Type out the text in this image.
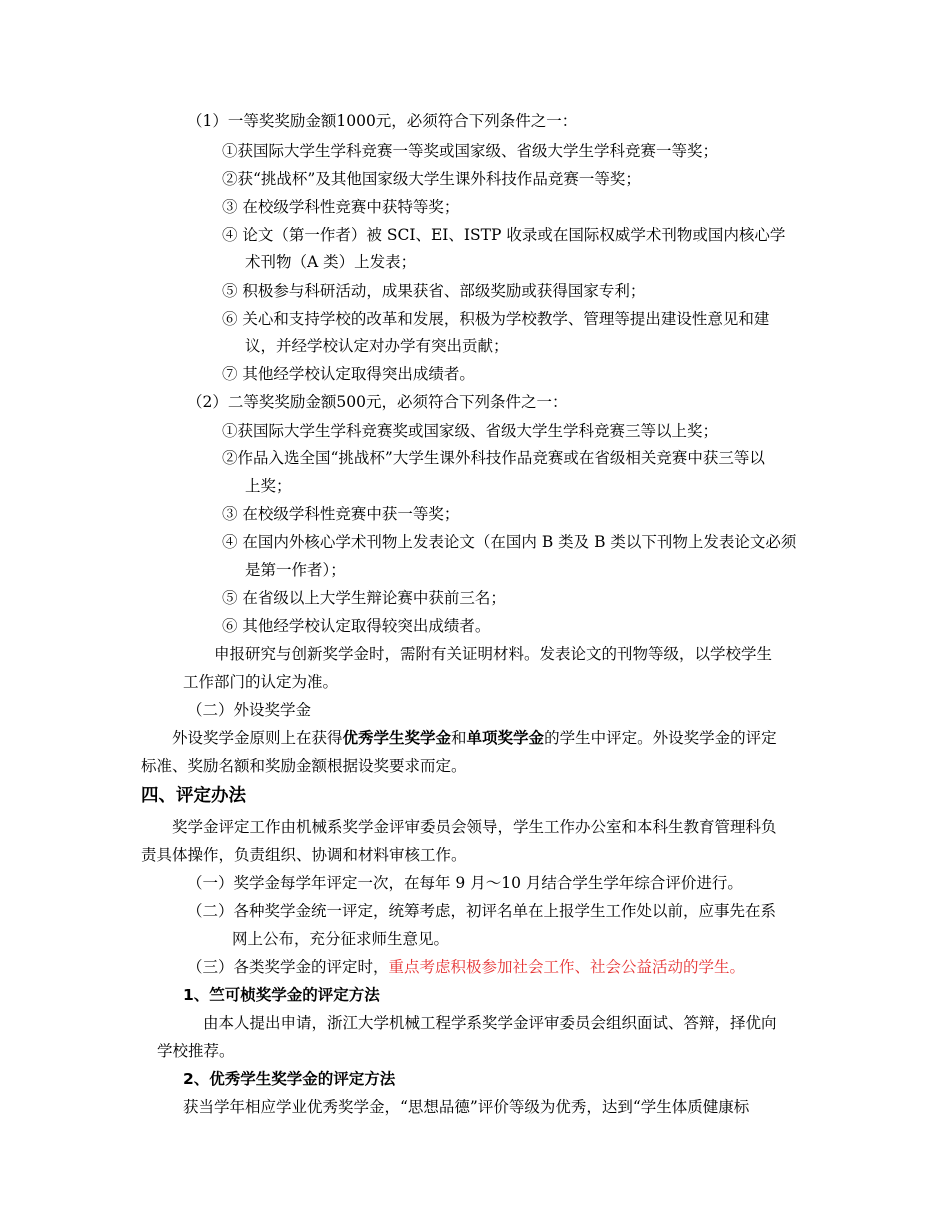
（1）一等奖奖励金额1000元，必须符合下列条件之一：
①获国际大学生学科竞赛一等奖或国家级、省级大学生学科竞赛一等奖；
②获“挑战杯”及其他国家级大学生课外科技作品竞赛一等奖；
③ 在校级学科性竞赛中获特等奖；
④ 论文（第一作者）被 SCI、EI、ISTP 收录或在国际权威学术刊物或国内核心学
术刊物（A 类）上发表；
⑤ 积极参与科研活动，成果获省、部级奖励或获得国家专利；
⑥ 关心和支持学校的改革和发展，积极为学校教学、管理等提出建设性意见和建
议，并经学校认定对办学有突出贡献；
⑦ 其他经学校认定取得突出成绩者。
（2）二等奖奖励金额500元，必须符合下列条件之一：
①获国际大学生学科竞赛奖或国家级、省级大学生学科竞赛三等以上奖；
②作品入选全国“挑战杯”大学生课外科技作品竞赛或在省级相关竞赛中获三等以
上奖；
③ 在校级学科性竞赛中获一等奖；
④ 在国内外核心学术刊物上发表论文（在国内 B 类及 B 类以下刊物上发表论文必须
是第一作者）；
⑤ 在省级以上大学生辩论赛中获前三名；
⑥ 其他经学校认定取得较突出成绩者。
申报研究与创新奖学金时，需附有关证明材料。发表论文的刊物等级，以学校学生
工作部门的认定为准。
（二）外设奖学金
外设奖学金原则上在获得优秀学生奖学金和单项奖学金的学生中评定。外设奖学金的评定
标准、奖励名额和奖励金额根据设奖要求而定。
四、评定办法
奖学金评定工作由机械系奖学金评审委员会领导，学生工作办公室和本科生教育管理科负
责具体操作，负责组织、协调和材料审核工作。
（一）奖学金每学年评定一次，在每年 9 月～10 月结合学生学年综合评价进行。
（二）各种奖学金统一评定，统筹考虑，初评名单在上报学生工作处以前，应事先在系
网上公布，充分征求师生意见。
（三）各类奖学金的评定时，重点考虑积极参加社会工作、社会公益活动的学生。
1、竺可桢奖学金的评定方法
由本人提出申请，浙江大学机械工程学系奖学金评审委员会组织面试、答辩，择优向
学校推荐。
2、优秀学生奖学金的评定方法
获当学年相应学业优秀奖学金，“思想品德”评价等级为优秀，达到“学生体质健康标
